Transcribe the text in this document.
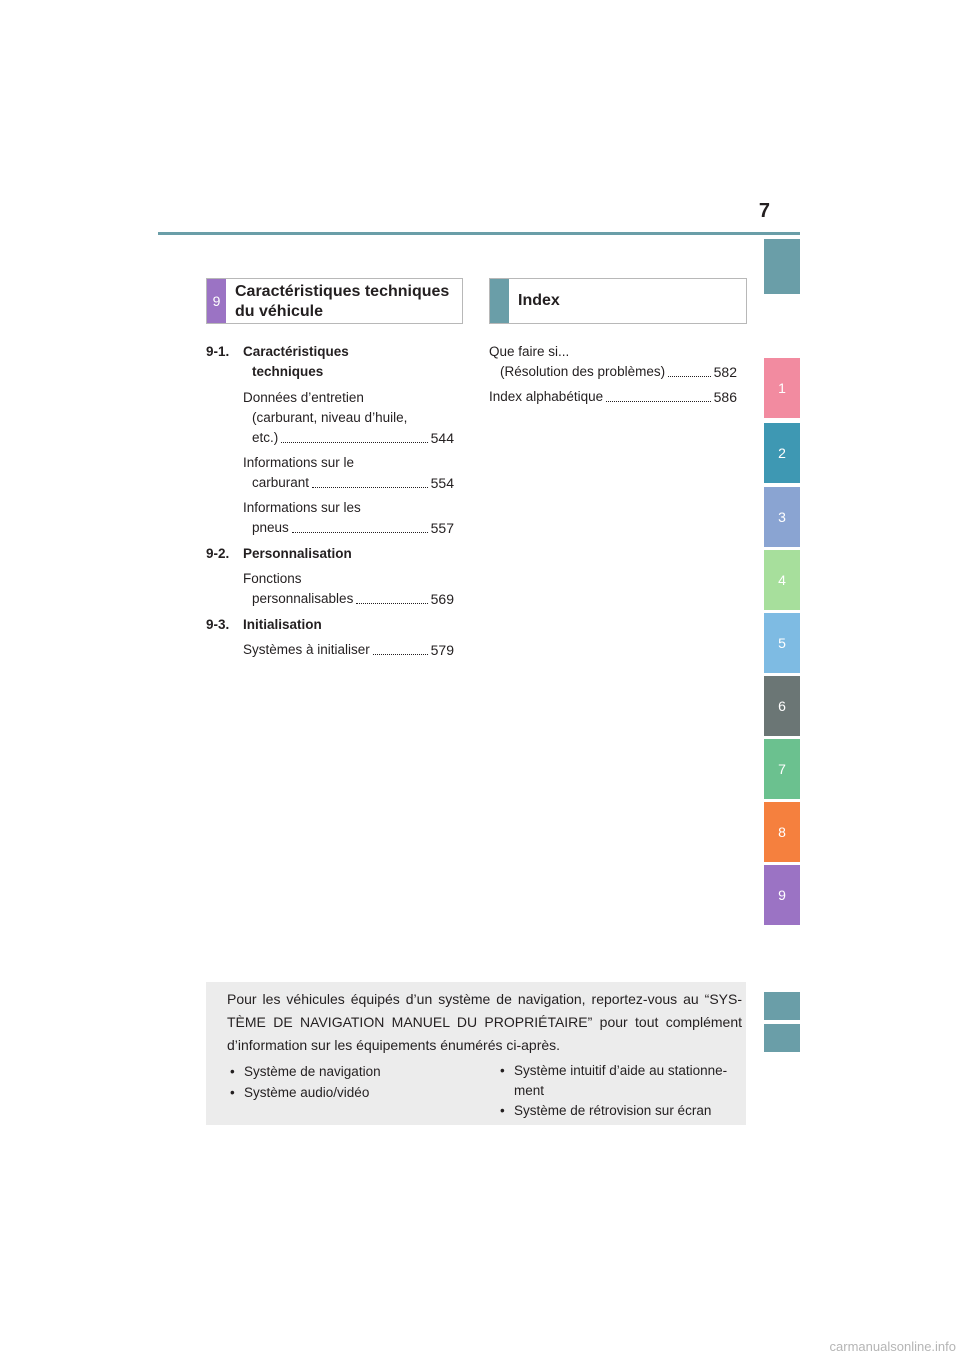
7
1
2
3
4
5
6
7
8
9
9
Caractéristiques techniques
du véhicule
9-1.	Caractéristiques
techniques
Données d’entretien
(carburant, niveau d’huile,
etc.)	544
Informations sur le
carburant	554
Informations sur les
pneus	557
9-2.	Personnalisation
Fonctions
personnalisables	569
9-3.	Initialisation
Systèmes à initialiser	579
Index
Que faire si...
(Résolution des problèmes)	582
Index alphabétique	586
Pour les véhicules équipés d’un système de navigation, reportez-vous au “SYS-TÈME DE NAVIGATION MANUEL DU PROPRIÉTAIRE” pour tout complément d’information sur les équipements énumérés ci-après.
• Système de navigation
• Système audio/vidéo
• Système intuitif d’aide au stationne-
ment
• Système de rétrovision sur écran
carmanualsonline.info
